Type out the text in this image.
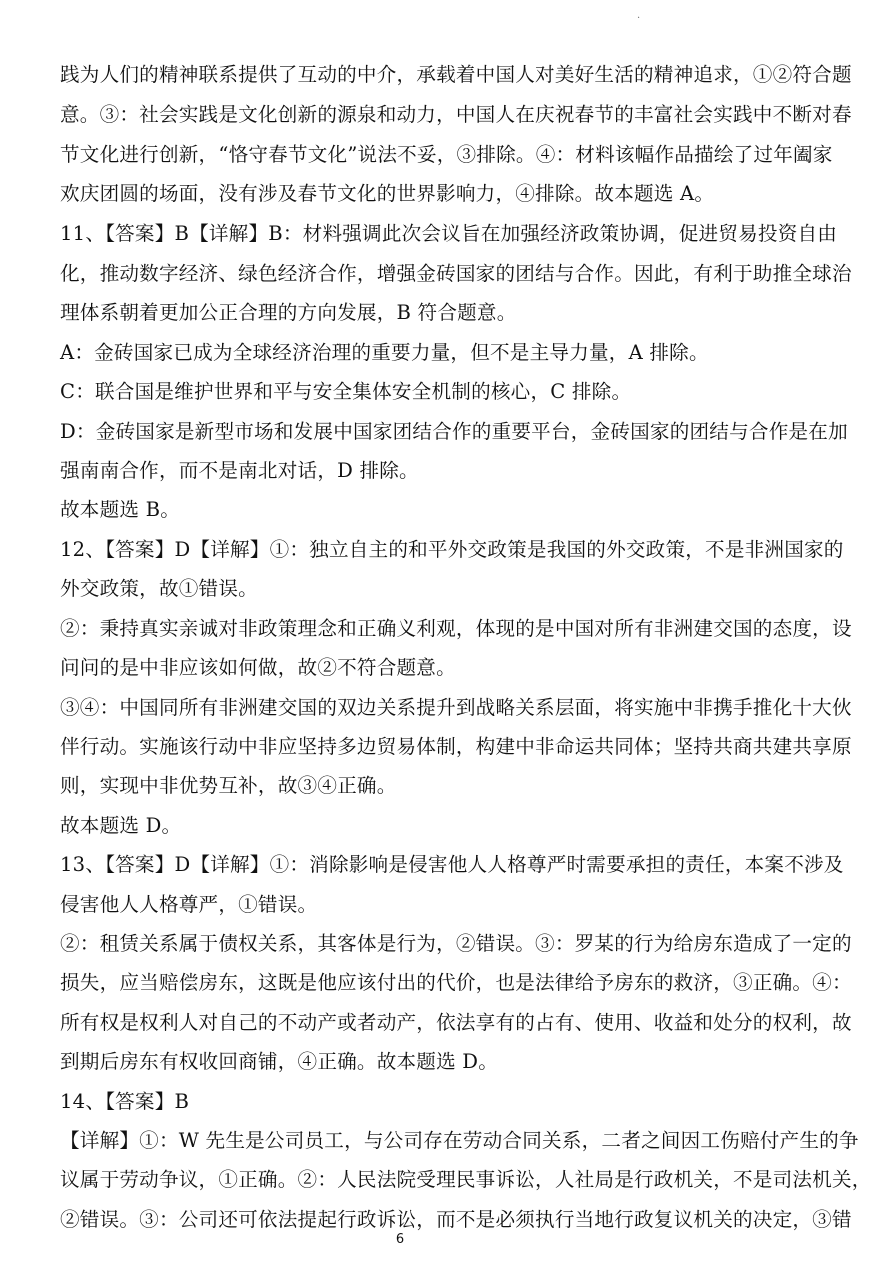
·
践为人们的精神联系提供了互动的中介，承载着中国人对美好生活的精神追求，①②符合题
意。③：社会实践是文化创新的源泉和动力，中国人在庆祝春节的丰富社会实践中不断对春
节文化进行创新，“恪守春节文化”说法不妥，③排除。④：材料该幅作品描绘了过年阖家
欢庆团圆的场面，没有涉及春节文化的世界影响力，④排除。故本题选 A。
11、【答案】B【详解】B：材料强调此次会议旨在加强经济政策协调，促进贸易投资自由
化，推动数字经济、绿色经济合作，增强金砖国家的团结与合作。因此，有利于助推全球治
理体系朝着更加公正合理的方向发展，B 符合题意。
A：金砖国家已成为全球经济治理的重要力量，但不是主导力量，A 排除。
C：联合国是维护世界和平与安全集体安全机制的核心，C 排除。
D：金砖国家是新型市场和发展中国家团结合作的重要平台，金砖国家的团结与合作是在加
强南南合作，而不是南北对话，D 排除。
故本题选 B。
12、【答案】D【详解】①：独立自主的和平外交政策是我国的外交政策，不是非洲国家的
外交政策，故①错误。
②：秉持真实亲诚对非政策理念和正确义利观，体现的是中国对所有非洲建交国的态度，设
问问的是中非应该如何做，故②不符合题意。
③④：中国同所有非洲建交国的双边关系提升到战略关系层面，将实施中非携手推化十大伙
伴行动。实施该行动中非应坚持多边贸易体制，构建中非命运共同体；坚持共商共建共享原
则，实现中非优势互补，故③④正确。
故本题选 D。
13、【答案】D【详解】①：消除影响是侵害他人人格尊严时需要承担的责任，本案不涉及
侵害他人人格尊严，①错误。
②：租赁关系属于债权关系，其客体是行为，②错误。③：罗某的行为给房东造成了一定的
损失，应当赔偿房东，这既是他应该付出的代价，也是法律给予房东的救济，③正确。④：
所有权是权利人对自己的不动产或者动产，依法享有的占有、使用、收益和处分的权利，故
到期后房东有权收回商铺，④正确。故本题选 D。
14、【答案】B
【详解】①：W 先生是公司员工，与公司存在劳动合同关系，二者之间因工伤赔付产生的争
议属于劳动争议，①正确。②：人民法院受理民事诉讼，人社局是行政机关，不是司法机关，
②错误。③：公司还可依法提起行政诉讼，而不是必须执行当地行政复议机关的决定，③错
6
